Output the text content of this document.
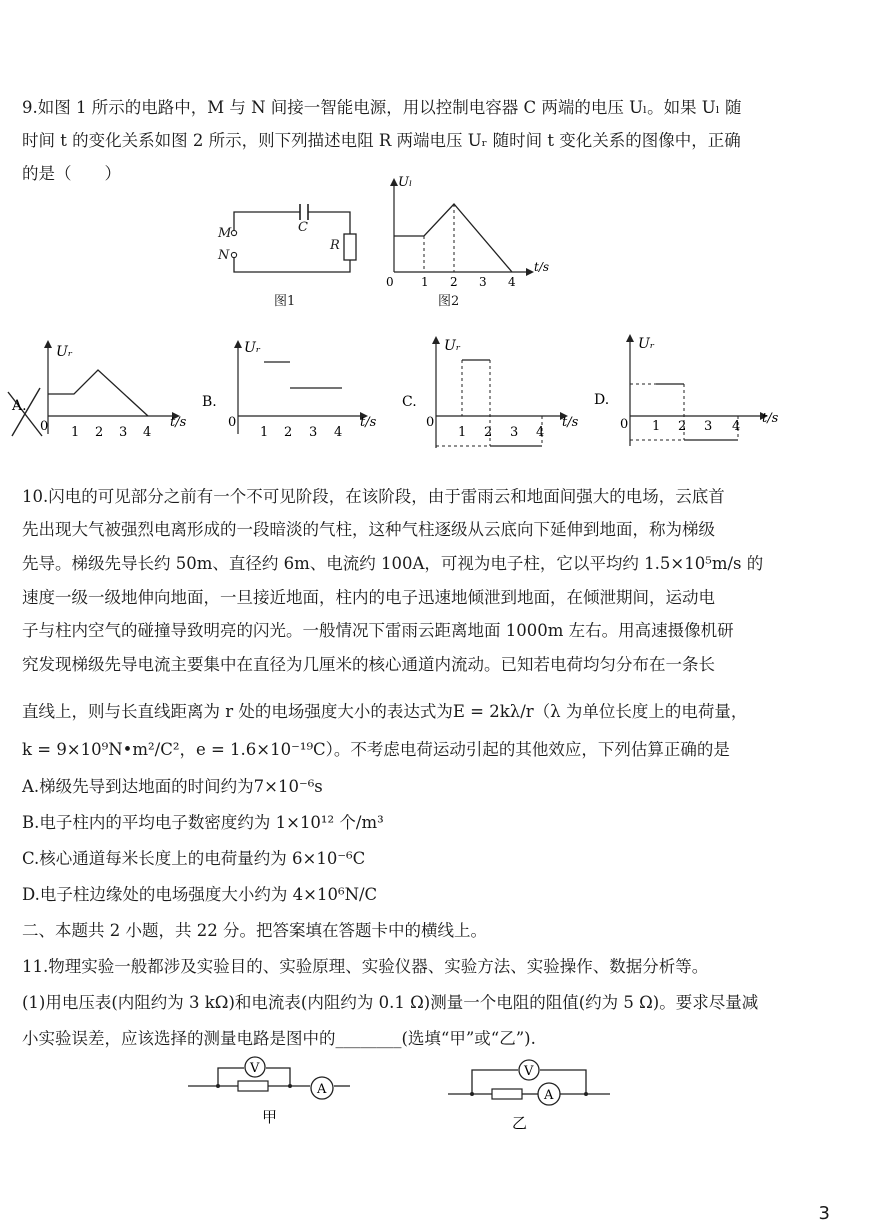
9.如图 1 所示的电路中，M 与 N 间接一智能电源，用以控制电容器 C 两端的电压 Uₗ。如果 Uₗ 随
时间 t 的变化关系如图 2 所示，则下列描述电阻 R 两端电压 Uᵣ 随时间 t 变化关系的图像中，正确
的是（　　）
M
N
C
R
图1
0 1 2 3 4
t/s
Uₗ
图2
A.
0 1 2 3 4
t/s
Uᵣ
B.
0
1 2 3 4
t/s
Uᵣ
C.
0
1 2 3 4
t/s
Uᵣ
D.
0 1 2 3 4
t/s
Uᵣ
10.闪电的可见部分之前有一个不可见阶段，在该阶段，由于雷雨云和地面间强大的电场，云底首
先出现大气被强烈电离形成的一段暗淡的气柱，这种气柱逐级从云底向下延伸到地面，称为梯级
先导。梯级先导长约 50m、直径约 6m、电流约 100A，可视为电子柱，它以平均约 1.5×10⁵m/s 的
速度一级一级地伸向地面，一旦接近地面，柱内的电子迅速地倾泄到地面，在倾泄期间，运动电
子与柱内空气的碰撞导致明亮的闪光。一般情况下雷雨云距离地面 1000m 左右。用高速摄像机研
究发现梯级先导电流主要集中在直径为几厘米的核心通道内流动。已知若电荷均匀分布在一条长
直线上，则与长直线距离为 r 处的电场强度大小的表达式为E = 2kλ/r（λ 为单位长度上的电荷量，
k = 9×10⁹N•m²/C²，e = 1.6×10⁻¹⁹C）。不考虑电荷运动引起的其他效应，下列估算正确的是
A.梯级先导到达地面的时间约为7×10⁻⁶s
B.电子柱内的平均电子数密度约为 1×10¹² 个/m³
C.核心通道每米长度上的电荷量约为 6×10⁻⁶C
D.电子柱边缘处的电场强度大小约为 4×10⁶N/C
二、本题共 2 小题，共 22 分。把答案填在答题卡中的横线上。
11.物理实验一般都涉及实验目的、实验原理、实验仪器、实验方法、实验操作、数据分析等。
(1)用电压表(内阻约为 3 kΩ)和电流表(内阻约为 0.1 Ω)测量一个电阻的阻值(约为 5 Ω)。要求尽量减
小实验误差，应该选择的测量电路是图中的________(选填“甲”或“乙”).
V
A
甲
V
A
乙
3
